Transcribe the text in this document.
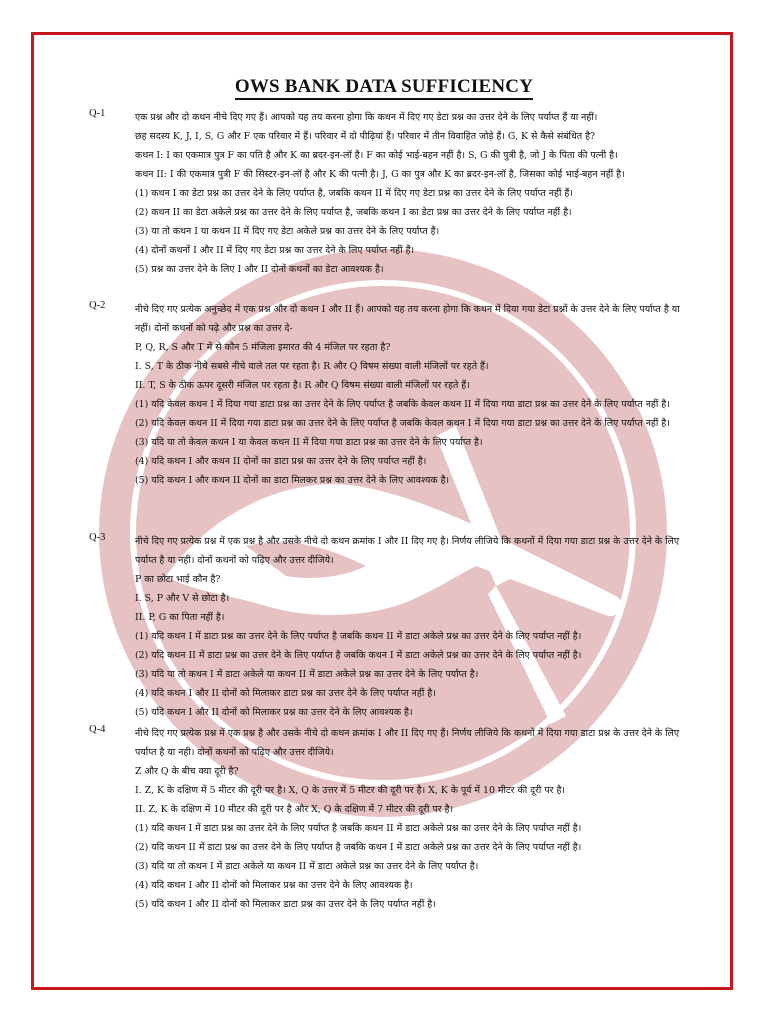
OWS BANK DATA SUFFICIENCY
Q-1	एक प्रश्न और दो कथन नीचे दिए गए हैं। आपको यह तय करना होगा कि कथन में दिए गए डेटा प्रश्न का उत्तर देने के लिए पर्याप्त हैं या नहीं।
छह सदस्य K, J, I, S, G और F एक परिवार में हैं। परिवार में दो पीढ़ियां हैं। परिवार में तीन विवाहित जोड़े हैं। G, K से कैसे संबंधित है?
कथन I: I का एकमात्र पुत्र F का पति है और K का ब्रदर-इन-लॉ है। F का कोई भाई-बहन नहीं है। S, G की पुत्री है, जो J के पिता की पत्नी है।
कथन II: I की एकमात्र पुत्री F की सिस्टर-इन-लॉ है और K की पत्नी है। J, G का पुत्र और K का ब्रदर-इन-लॉ है, जिसका कोई भाई-बहन नहीं है।
(1) कथन I का डेटा प्रश्न का उत्तर देने के लिए पर्याप्त है, जबकि कथन II में दिए गए डेटा प्रश्न का उत्तर देने के लिए पर्याप्त नहीं हैं।
(2) कथन II का डेटा अकेले प्रश्न का उत्तर देने के लिए पर्याप्त है, जबकि कथन I का डेटा प्रश्न का उत्तर देने के लिए पर्याप्त नहीं है।
(3) या तो कथन I या कथन II में दिए गए डेटा अकेले प्रश्न का उत्तर देने के लिए पर्याप्त हैं।
(4) दोनों कथनों I और II में दिए गए डेटा प्रश्न का उत्तर देने के लिए पर्याप्त नहीं हैं।
(5) प्रश्न का उत्तर देने के लिए I और II दोनों कथनों का डेटा आवश्यक है।
Q-2	नीचे दिए गए प्रत्येक अनुच्छेद में एक प्रश्न और दो कथन I और II हैं। आपको यह तय करना होगा कि कथन में दिया गया डेटा प्रश्नों के उत्तर देने के लिए पर्याप्त है या नहीं। दोनों कथनों को पढ़े और प्रश्न का उत्तर दे-
P, Q, R, S और T में से कौन 5 मंजिला इमारत की 4 मंजिल पर रहता है?
I. S, T के ठीक नीचे सबसे नीचे वाले तल पर रहता है। R और Q विषम संख्या वाली मंजिलों पर रहते हैं।
II. T, S के ठीक ऊपर दूसरी मंजिल पर रहता है। R और Q विषम संख्या वाली मंजिलों पर रहते हैं।
(1) यदि केवल कथन I में दिया गया डाटा प्रश्न का उत्तर देने के लिए पर्याप्त है जबकि केवल कथन II में दिया गया डाटा प्रश्न का उत्तर देने के लिए पर्याप्त नहीं है।
(2) यदि केवल कथन II में दिया गया डाटा प्रश्न का उत्तर देने के लिए पर्याप्त है जबकि केवल कथन I में दिया गया डाटा प्रश्न का उत्तर देने के लिए पर्याप्त नहीं है।
(3) यदि या तो केवल कथन I या केवल कथन II में दिया गया डाटा प्रश्न का उत्तर देने के लिए पर्याप्त है।
(4) यदि कथन I और कथन II दोनों का डाटा प्रश्न का उत्तर देने के लिए पर्याप्त नहीं है।
(5) यदि कथन I और कथन II दोनों का डाटा मिलकर प्रश्न का उत्तर देने के लिए आवश्यक है।
Q-3	नीचे दिए गए प्रत्येक प्रश्न में एक प्रश्न है और उसके नीचे दो कथन क्रमांक I और II दिए गए है। निर्णय लीजिये कि कथनों में दिया गया डाटा प्रश्न के उत्तर देने के लिए पर्याप्त है या नही। दोनों कथनों को पढ़िए और उत्तर दीजिये।
P का छोटा भाई कौन है?
I. S, P और V से छोटा है।
II. P, G का पिता नहीं है।
(1) यदि कथन I में डाटा प्रश्न का उत्तर देने के लिए पर्याप्त है जबकि कथन II में डाटा अकेले प्रश्न का उत्तर देने के लिए पर्याप्त नहीं है।
(2) यदि कथन II में डाटा प्रश्न का उत्तर देने के लिए पर्याप्त है जबकि कथन I में डाटा अकेले प्रश्न का उत्तर देने के लिए पर्याप्त नहीं है।
(3) यदि या तो कथन I में डाटा अकेले या कथन II में डाटा अकेले प्रश्न का उत्तर देने के लिए पर्याप्त है।
(4) यदि कथन I और II दोनों को मिलाकर डाटा प्रश्न का उत्तर देने के लिए पर्याप्त नहीं है।
(5) यदि कथन I और II दोनों को मिलाकर प्रश्न का उत्तर देने के लिए आवश्यक है।
Q-4	नीचे दिए गए प्रत्येक प्रश्न में एक प्रश्न है और उसके नीचे दो कथन क्रमांक I और II दिए गए हैं। निर्णय लीजिये कि कथनों में दिया गया डाटा प्रश्न के उत्तर देने के लिए पर्याप्त है या नही। दोनों कथनों को पढ़िए और उत्तर दीजिये।
Z और Q के बीच क्या दूरी है?
I. Z, K के दक्षिण में 5 मीटर की दूरी पर है। X, Q के उत्तर में 5 मीटर की दूरी पर है। X, K के पूर्व में 10 मीटर की दूरी पर है।
II. Z, K के दक्षिण में 10 मीटर की दूरी पर है और X, Q के दक्षिण में 7 मीटर की दूरी पर है।
(1) यदि कथन I में डाटा प्रश्न का उत्तर देने के लिए पर्याप्त है जबकि कथन II में डाटा अकेले प्रश्न का उत्तर देने के लिए पर्याप्त नहीं है।
(2) यदि कथन II में डाटा प्रश्न का उत्तर देने के लिए पर्याप्त है जबकि कथन I में डाटा अकेले प्रश्न का उत्तर देने के लिए पर्याप्त नहीं है।
(3) यदि या तो कथन I में डाटा अकेले या कथन II में डाटा अकेले प्रश्न का उत्तर देने के लिए पर्याप्त है।
(4) यदि कथन I और II दोनों को मिलाकर प्रश्न का उत्तर देने के लिए आवश्यक है।
(5) यदि कथन I और II दोनों को मिलाकर डाटा प्रश्न का उत्तर देने के लिए पर्याप्त नहीं है।
